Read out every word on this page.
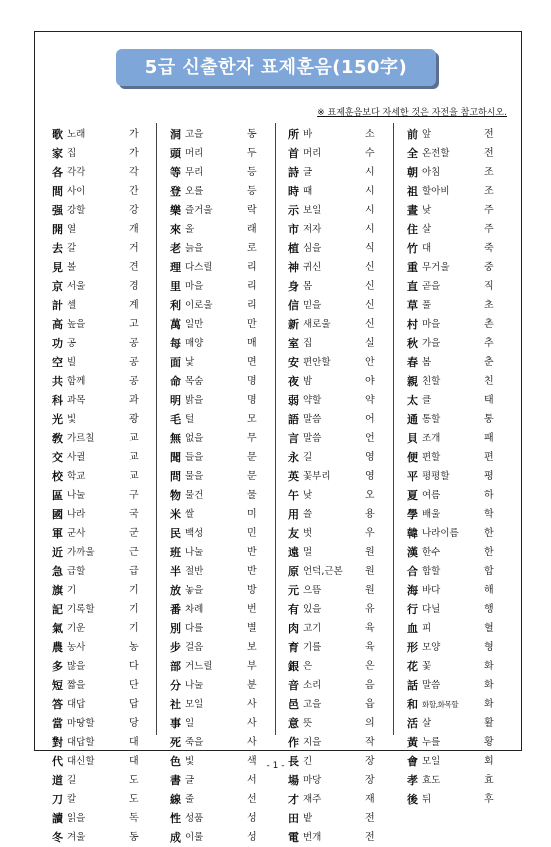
5급 신출한자 표제훈음(150字)
※ 표제훈음보다 자세한 것은 자전을 참고하시오.
歌 노래	가
家 집	가
各 각각	각
間 사이	간
强 강할	강
開 열	개
去 갈	거
見 볼	견
京 서울	경
計 셀	계
高 높을	고
功 공	공
空 빌	공
共 함께	공
科 과목	과
光 빛	광
敎 가르칠	교
交 사귈	교
校 학교	교
區 나눌	구
國 나라	국
軍 군사	군
近 가까울	근
急 급할	급
旗 기	기
記 기록할	기
氣 기운	기
農 농사	농
多 많을	다
短 짧을	단
答 대답	답
當 마땅할	당
對 대답할	대
代 대신할	대
道 길	도
刀 칼	도
讀 읽을	독
冬 겨울	동
洞 고을	동
頭 머리	두
等 무리	등
登 오를	등
樂 즐거울	락
來 올	래
老 늙을	로
理 다스릴	리
里 마을	리
利 이로울	리
萬 일만	만
每 매양	매
面 낯	면
命 목숨	명
明 밝을	명
毛 털	모
無 없을	무
聞 들을	문
問 물을	문
物 물건	물
米 쌀	미
民 백성	민
班 나눌	반
半 절반	반
放 놓을	방
番 차례	번
別 다를	별
步 걸음	보
部 거느릴	부
分 나눌	분
社 모일	사
事 일	사
死 죽을	사
色 빛	색
書 글	서
線 줄	선
性 성품	성
成 이룰	성
所 바	소
首 머리	수
詩 글	시
時 때	시
示 보일	시
市 저자	시
植 심을	식
神 귀신	신
身 몸	신
信 믿을	신
新 새로울	신
室 집	실
安 편안할	안
夜 밤	야
弱 약할	약
語 말씀	어
言 말씀	언
永 길	영
英 꽃부리	영
午 낮	오
用 쓸	용
友 벗	우
遠 멀	원
原 언덕,근본 원
元 으뜸	원
有 있을	유
肉 고기	육
育 기를	육
銀 은	은
音 소리	음
邑 고을	읍
意 뜻	의
作 지을	작
長 긴	장
場 마당	장
才 재주	재
田 밭	전
電 번개	전
前 앞	전
全 온전할	전
朝 아침	조
祖 할아비	조
晝 낮	주
住 살	주
竹 대	죽
重 무거울	중
直 곧을	직
草 풀	초
村 마을	촌
秋 가을	추
春 봄	춘
親 친할	친
太 클	태
通 통할	통
貝 조개	패
便 편할	편
平 평평할	평
夏 여름	하
學 배울	학
韓 나라이름	한
漢 한수	한
合 합할	합
海 바다	해
行 다닐	행
血 피	혈
形 모양	형
花 꽃	화
話 말씀	화
和 화할,화목할	화
活 살	활
黃 누를	황
會 모일	회
孝 효도	효
後 뒤	후
- 1 -
